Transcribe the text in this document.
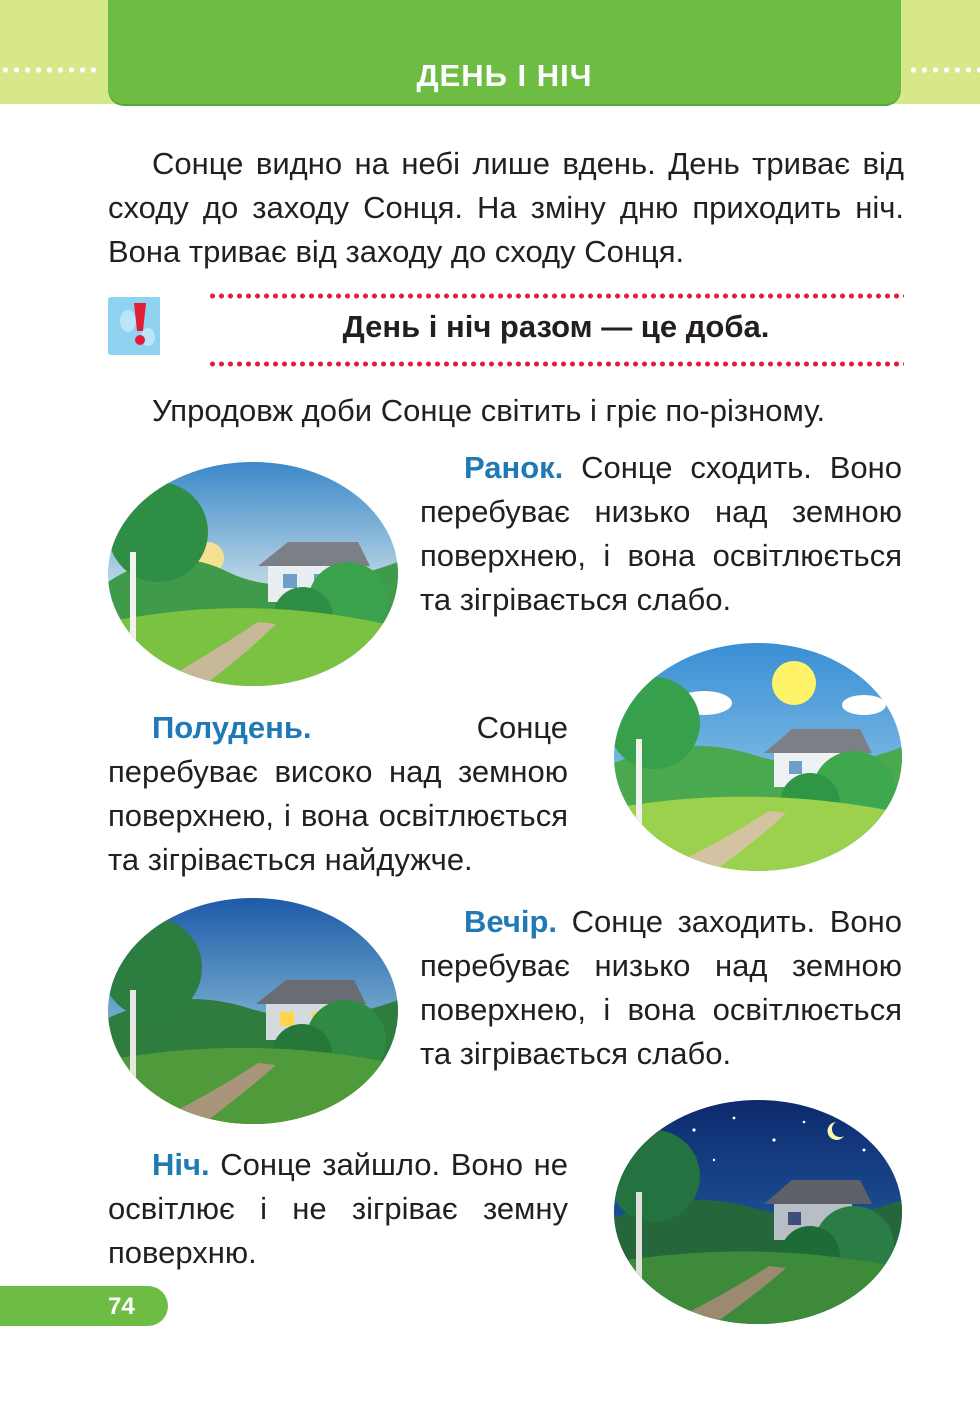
ДЕНЬ І НІЧ

Сонце видно на небі лише вдень. День триває від сходу до заходу Сонця. На зміну дню приходить ніч. Вона триває від заходу до сходу Сонця.

День і ніч разом — це доба.

Упродовж доби Сонце світить і гріє по-різному.

Ранок. Сонце сходить. Воно перебуває низько над земною поверхнею, і вона освітлюється та зігрівається слабо.

Полудень.	Сонце перебуває високо над земною поверхнею, і вона освітлюється та зігрівається найдужче.

Вечір. Сонце заходить. Воно перебуває низько над земною поверхнею, і вона освітлюється та зігрівається слабо.

Ніч. Сонце зайшло. Воно не освітлює і не зігріває земну поверхню.

74
